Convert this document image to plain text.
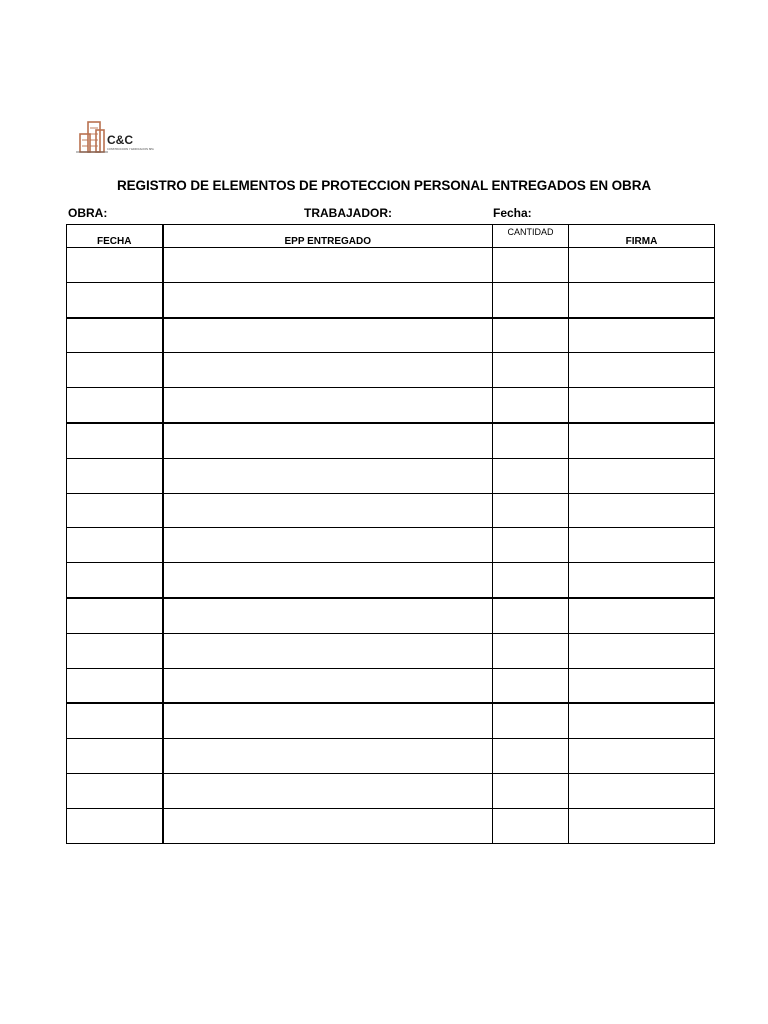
C&C
CONSTRUCCION Y EDIFICACION SPA
REGISTRO DE ELEMENTOS DE PROTECCION PERSONAL ENTREGADOS EN OBRA
OBRA:	TRABAJADOR:	Fecha:
FECHA	EPP ENTREGADO	CANTIDAD	FIRMA
